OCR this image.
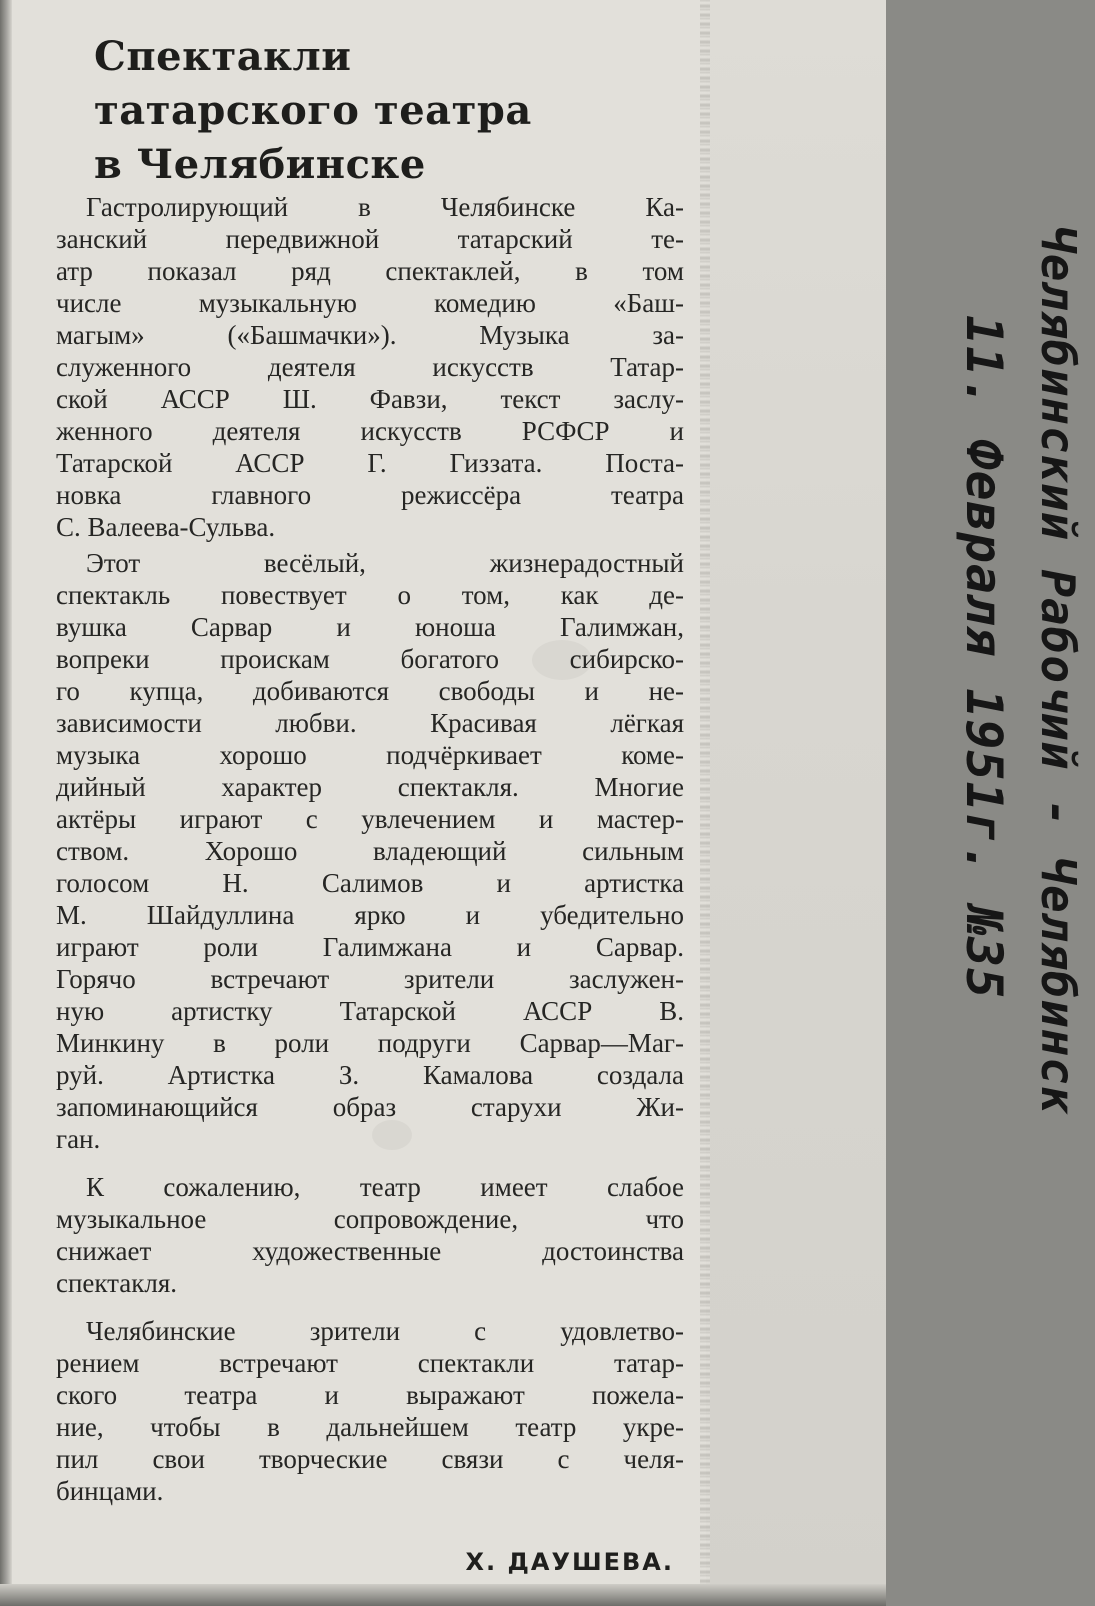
Спектакли
татарского театра
в Челябинске

Гастролирующий в Челябинске Ка-
занский передвижной татарский те-
атр показал ряд спектаклей, в том
числе музыкальную комедию «Баш-
магым» («Башмачки»). Музыка за-
служенного деятеля искусств Татар-
ской АССР Ш. Фавзи, текст заслу-
женного деятеля искусств РСФСР и
Татарской АССР Г. Гиззата. Поста-
новка главного режиссёра театра
С. Валеева-Сульва.

Этот весёлый, жизнерадостный
спектакль повествует о том, как де-
вушка Сарвар и юноша Галимжан,
вопреки проискам богатого сибирско-
го купца, добиваются свободы и не-
зависимости любви. Красивая лёгкая
музыка хорошо подчёркивает коме-
дийный характер спектакля. Многие
актёры играют с увлечением и мастер-
ством. Хорошо владеющий сильным
голосом Н. Салимов и артистка
М. Шайдуллина ярко и убедительно
играют роли Галимжана и Сарвар.
Горячо встречают зрители заслужен-
ную артистку Татарской АССР В.
Минкину в роли подруги Сарвар—Маг-
руй. Артистка З. Камалова создала
запоминающийся образ старухи Жи-
ган.

К сожалению, театр имеет слабое
музыкальное сопровождение, что
снижает художественные достоинства
спектакля.

Челябинские зрители с удовлетво-
рением встречают спектакли татар-
ского театра и выражают пожела-
ние, чтобы в дальнейшем театр укре-
пил свои творческие связи с челя-
бинцами.

Х. ДАУШЕВА.
Челябинский Рабочий - Челябинск
11. Февраля 1951г. №35
